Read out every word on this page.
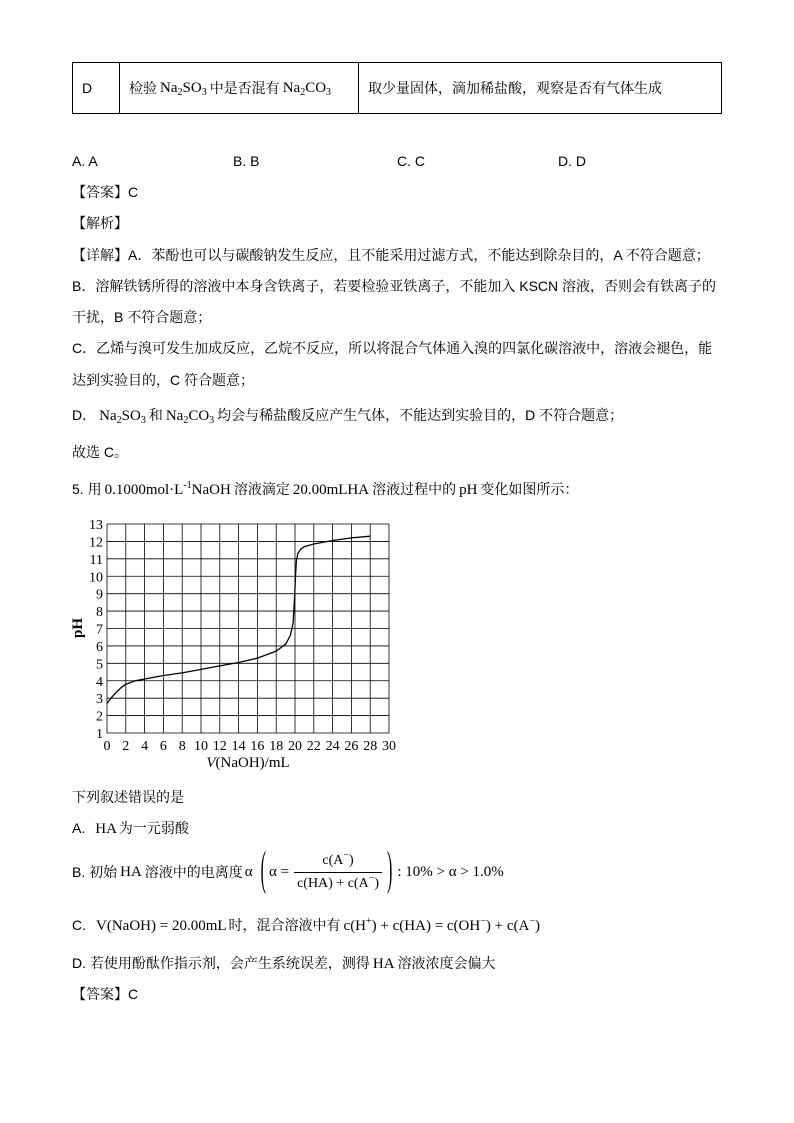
D	检验 $Na_2SO_3$ 中是否混有 $Na_2CO_3$	取少量固体，滴加稀盐酸，观察是否有气体生成
A. A	B. B	C. C	D. D
【答案】C
【解析】
【详解】A．苯酚也可以与碳酸钠发生反应，且不能采用过滤方式，不能达到除杂目的，A 不符合题意；
B．溶解铁锈所得的溶液中本身含铁离子，若要检验亚铁离子，不能加入 KSCN 溶液，否则会有铁离子的
干扰，B 不符合题意；
C．乙烯与溴可发生加成反应，乙烷不反应，所以将混合气体通入溴的四氯化碳溶液中，溶液会褪色，能
达到实验目的，C 符合题意；
D． $Na_2SO_3$ 和 $Na_2CO_3$ 均会与稀盐酸反应产生气体，不能达到实验目的，D 不符合题意；
故选 C。
5. 用 $0.1000mol\cdot L^{-1}NaOH$ 溶液滴定 20.00mLHA 溶液过程中的 pH 变化如图所示：
0 2 4 6 8 10 12 14 16 18 20 22 24 26 28 30
1
2
3
4
5
6
7
8
9
10
11
12
13
pH
V(NaOH)/mL
下列叙述错误的是
A. HA 为一元弱酸
B. 初始 HA 溶液中的电离度 α ( $\alpha = \frac{c(A^-)}{c(HA) + c(A^-)}$ ) : 10% > α > 1.0%
C. V(NaOH) = 20.00mL 时，混合溶液中有 c(H+) + c(HA) = c(OH−) + c(A−)
D. 若使用酚酞作指示剂，会产生系统误差，测得 HA 溶液浓度会偏大
【答案】C
